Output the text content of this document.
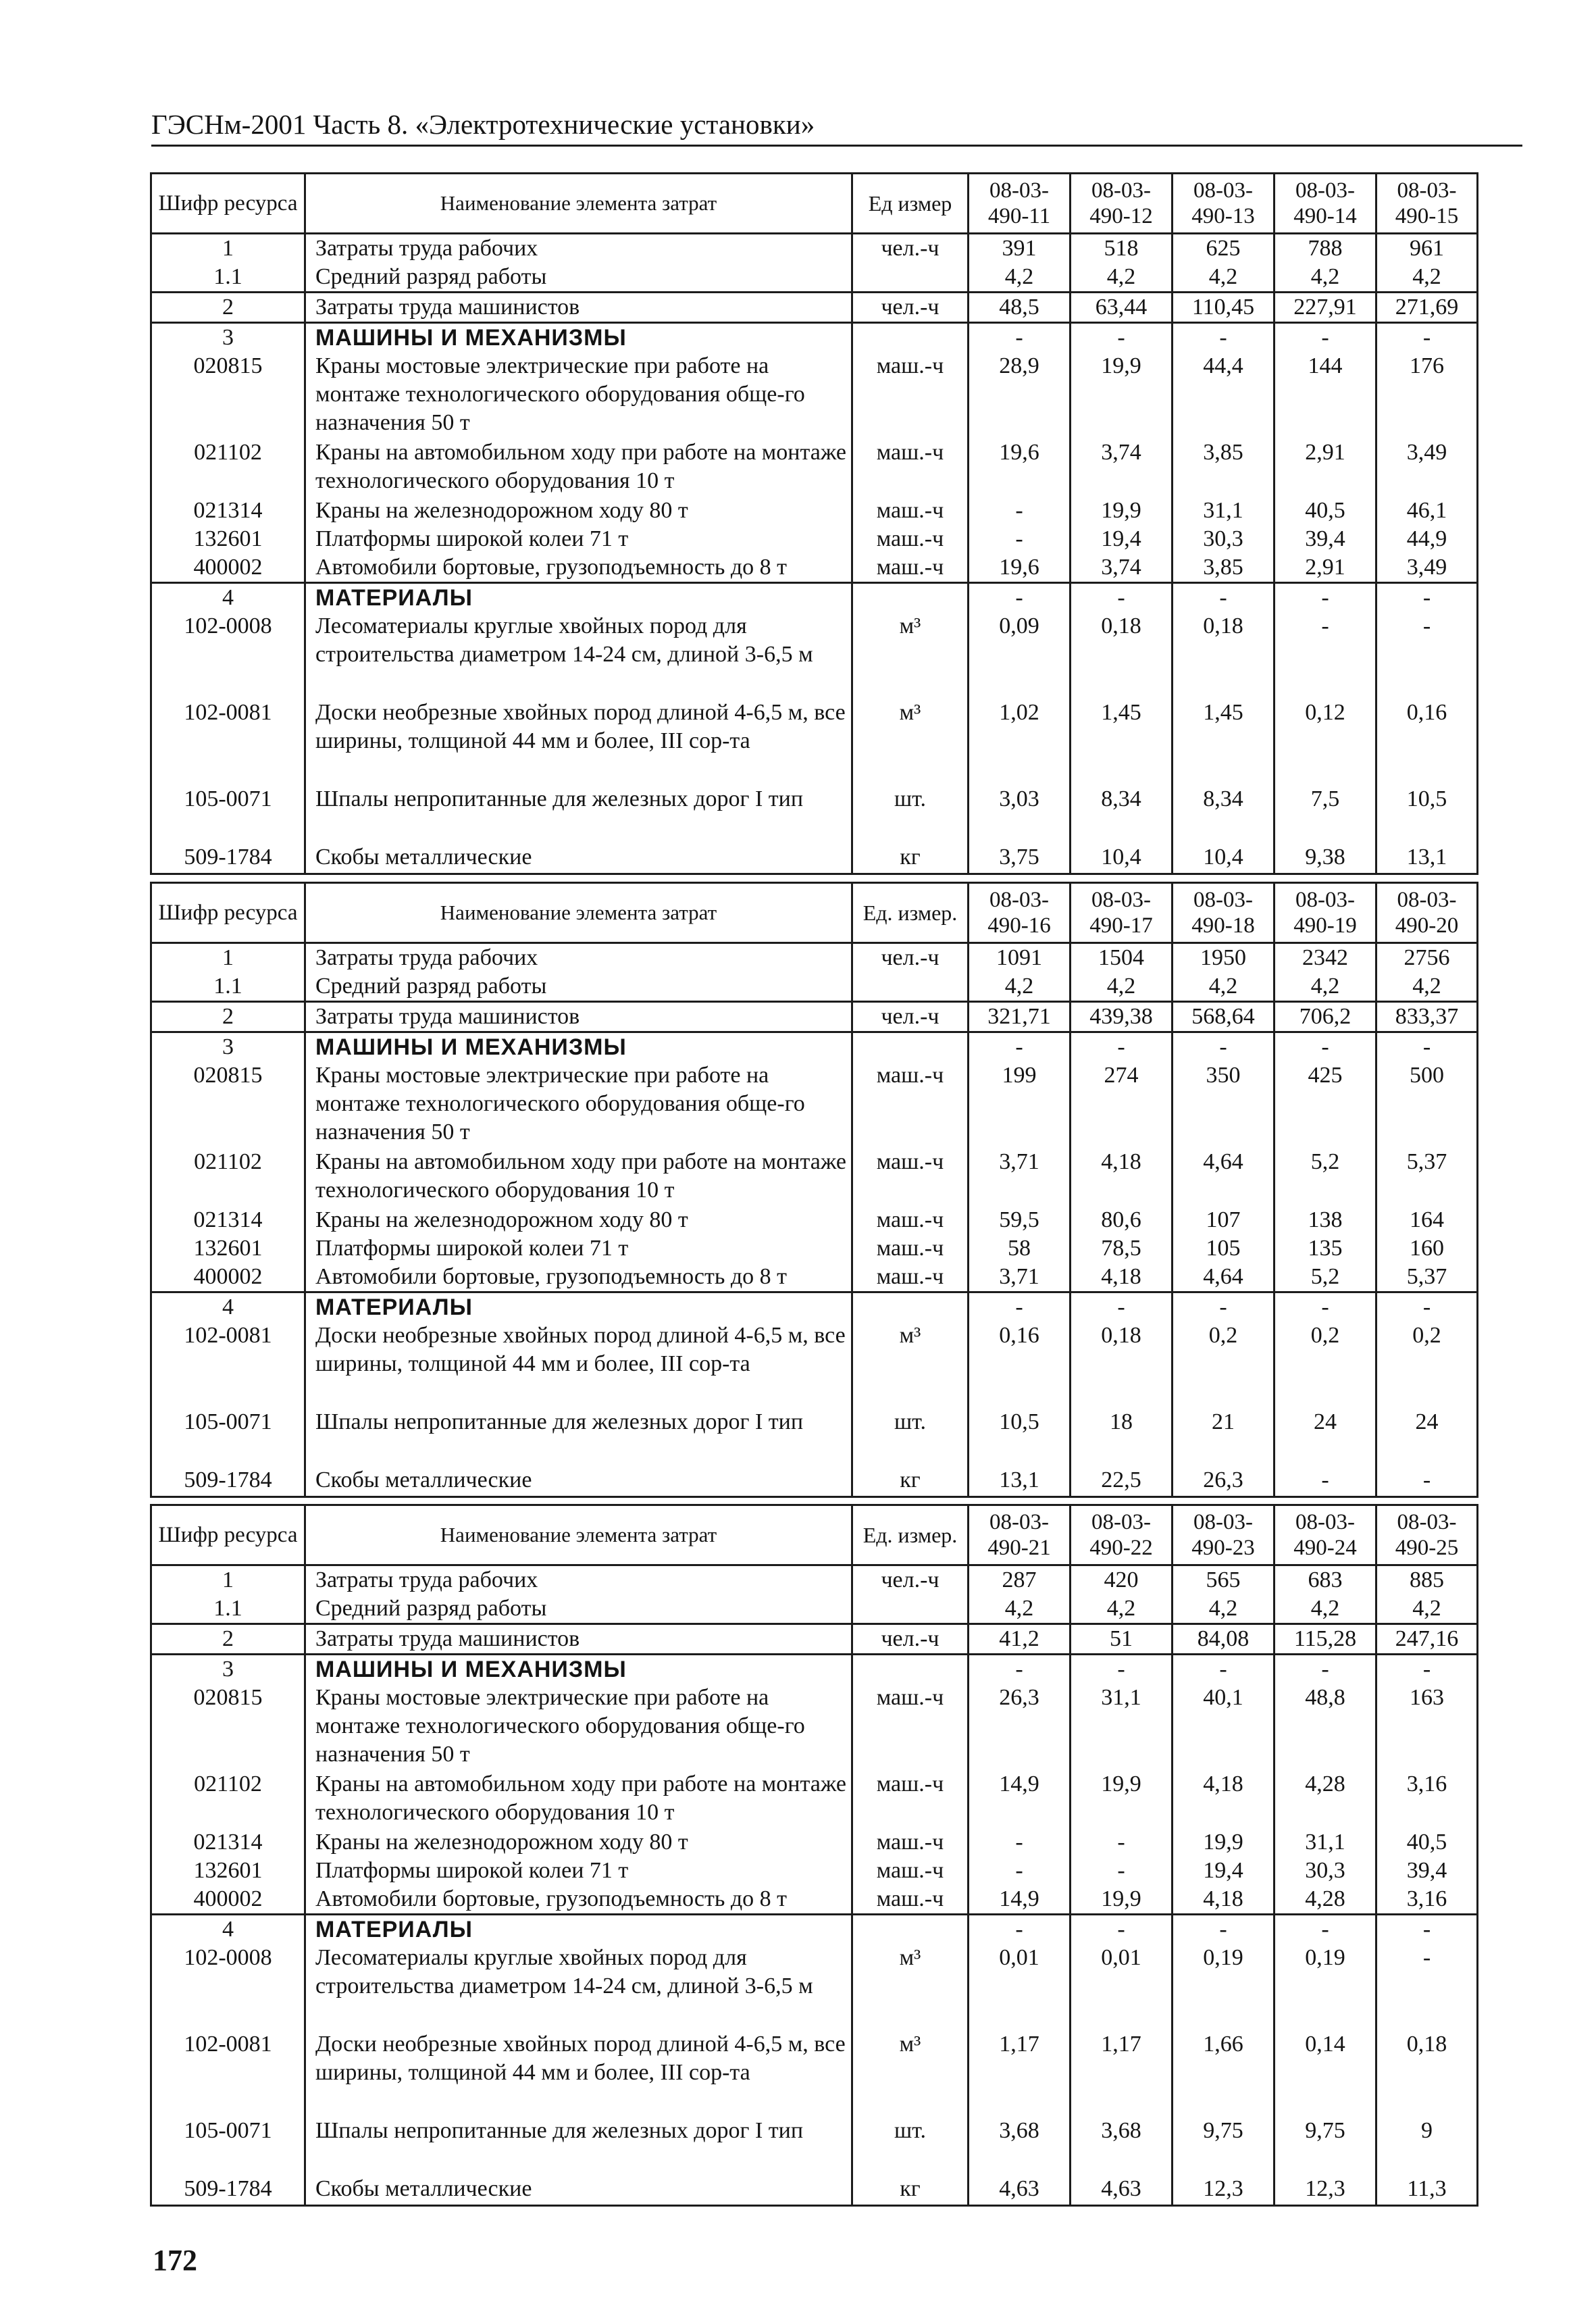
ГЭСНм-2001 Часть 8. «Электротехнические установки»
Шифр ресурса	Наименование элемента затрат	Ед измер	08-03-490-11	08-03-490-12	08-03-490-13	08-03-490-14	08-03-490-15
1	Затраты труда рабочих	чел.-ч	391	518	625	788	961
1.1	Средний разряд работы		4,2	4,2	4,2	4,2	4,2
2	Затраты труда машинистов	чел.-ч	48,5	63,44	110,45	227,91	271,69
3	МАШИНЫ И МЕХАНИЗМЫ		-	-	-	-	-
020815	Краны мостовые электрические при работе на монтаже технологического оборудования обще-го назначения 50 т	маш.-ч	28,9	19,9	44,4	144	176
021102	Краны на автомобильном ходу при работе на монтаже технологического оборудования 10 т	маш.-ч	19,6	3,74	3,85	2,91	3,49
021314	Краны на железнодорожном ходу 80 т	маш.-ч	-	19,9	31,1	40,5	46,1
132601	Платформы широкой колеи 71 т	маш.-ч	-	19,4	30,3	39,4	44,9
400002	Автомобили бортовые, грузоподъемность до 8 т	маш.-ч	19,6	3,74	3,85	2,91	3,49
4	МАТЕРИАЛЫ		-	-	-	-	-
102-0008	Лесоматериалы круглые хвойных пород для строительства диаметром 14-24 см, длиной 3-6,5 м	м³	0,09	0,18	0,18	-	-
102-0081	Доски необрезные хвойных пород длиной 4-6,5 м, все ширины, толщиной 44 мм и более, III сор-та	м³	1,02	1,45	1,45	0,12	0,16
105-0071	Шпалы непропитанные для железных дорог I тип	шт.	3,03	8,34	8,34	7,5	10,5
509-1784	Скобы металлические	кг	3,75	10,4	10,4	9,38	13,1
Шифр ресурса	Наименование элемента затрат	Ед. измер.	08-03-490-16	08-03-490-17	08-03-490-18	08-03-490-19	08-03-490-20
1	Затраты труда рабочих	чел.-ч	1091	1504	1950	2342	2756
1.1	Средний разряд работы		4,2	4,2	4,2	4,2	4,2
2	Затраты труда машинистов	чел.-ч	321,71	439,38	568,64	706,2	833,37
3	МАШИНЫ И МЕХАНИЗМЫ		-	-	-	-	-
020815	Краны мостовые электрические при работе на монтаже технологического оборудования обще-го назначения 50 т	маш.-ч	199	274	350	425	500
021102	Краны на автомобильном ходу при работе на монтаже технологического оборудования 10 т	маш.-ч	3,71	4,18	4,64	5,2	5,37
021314	Краны на железнодорожном ходу 80 т	маш.-ч	59,5	80,6	107	138	164
132601	Платформы широкой колеи 71 т	маш.-ч	58	78,5	105	135	160
400002	Автомобили бортовые, грузоподъемность до 8 т	маш.-ч	3,71	4,18	4,64	5,2	5,37
4	МАТЕРИАЛЫ		-	-	-	-	-
102-0081	Доски необрезные хвойных пород длиной 4-6,5 м, все ширины, толщиной 44 мм и более, III сор-та	м³	0,16	0,18	0,2	0,2	0,2
105-0071	Шпалы непропитанные для железных дорог I тип	шт.	10,5	18	21	24	24
509-1784	Скобы металлические	кг	13,1	22,5	26,3	-	-
Шифр ресурса	Наименование элемента затрат	Ед. измер.	08-03-490-21	08-03-490-22	08-03-490-23	08-03-490-24	08-03-490-25
1	Затраты труда рабочих	чел.-ч	287	420	565	683	885
1.1	Средний разряд работы		4,2	4,2	4,2	4,2	4,2
2	Затраты труда машинистов	чел.-ч	41,2	51	84,08	115,28	247,16
3	МАШИНЫ И МЕХАНИЗМЫ		-	-	-	-	-
020815	Краны мостовые электрические при работе на монтаже технологического оборудования обще-го назначения 50 т	маш.-ч	26,3	31,1	40,1	48,8	163
021102	Краны на автомобильном ходу при работе на монтаже технологического оборудования 10 т	маш.-ч	14,9	19,9	4,18	4,28	3,16
021314	Краны на железнодорожном ходу 80 т	маш.-ч	-	-	19,9	31,1	40,5
132601	Платформы широкой колеи 71 т	маш.-ч	-	-	19,4	30,3	39,4
400002	Автомобили бортовые, грузоподъемность до 8 т	маш.-ч	14,9	19,9	4,18	4,28	3,16
4	МАТЕРИАЛЫ		-	-	-	-	-
102-0008	Лесоматериалы круглые хвойных пород для строительства диаметром 14-24 см, длиной 3-6,5 м	м³	0,01	0,01	0,19	0,19	-
102-0081	Доски необрезные хвойных пород длиной 4-6,5 м, все ширины, толщиной 44 мм и более, III сор-та	м³	1,17	1,17	1,66	0,14	0,18
105-0071	Шпалы непропитанные для железных дорог I тип	шт.	3,68	3,68	9,75	9,75	9
509-1784	Скобы металлические	кг	4,63	4,63	12,3	12,3	11,3
172
